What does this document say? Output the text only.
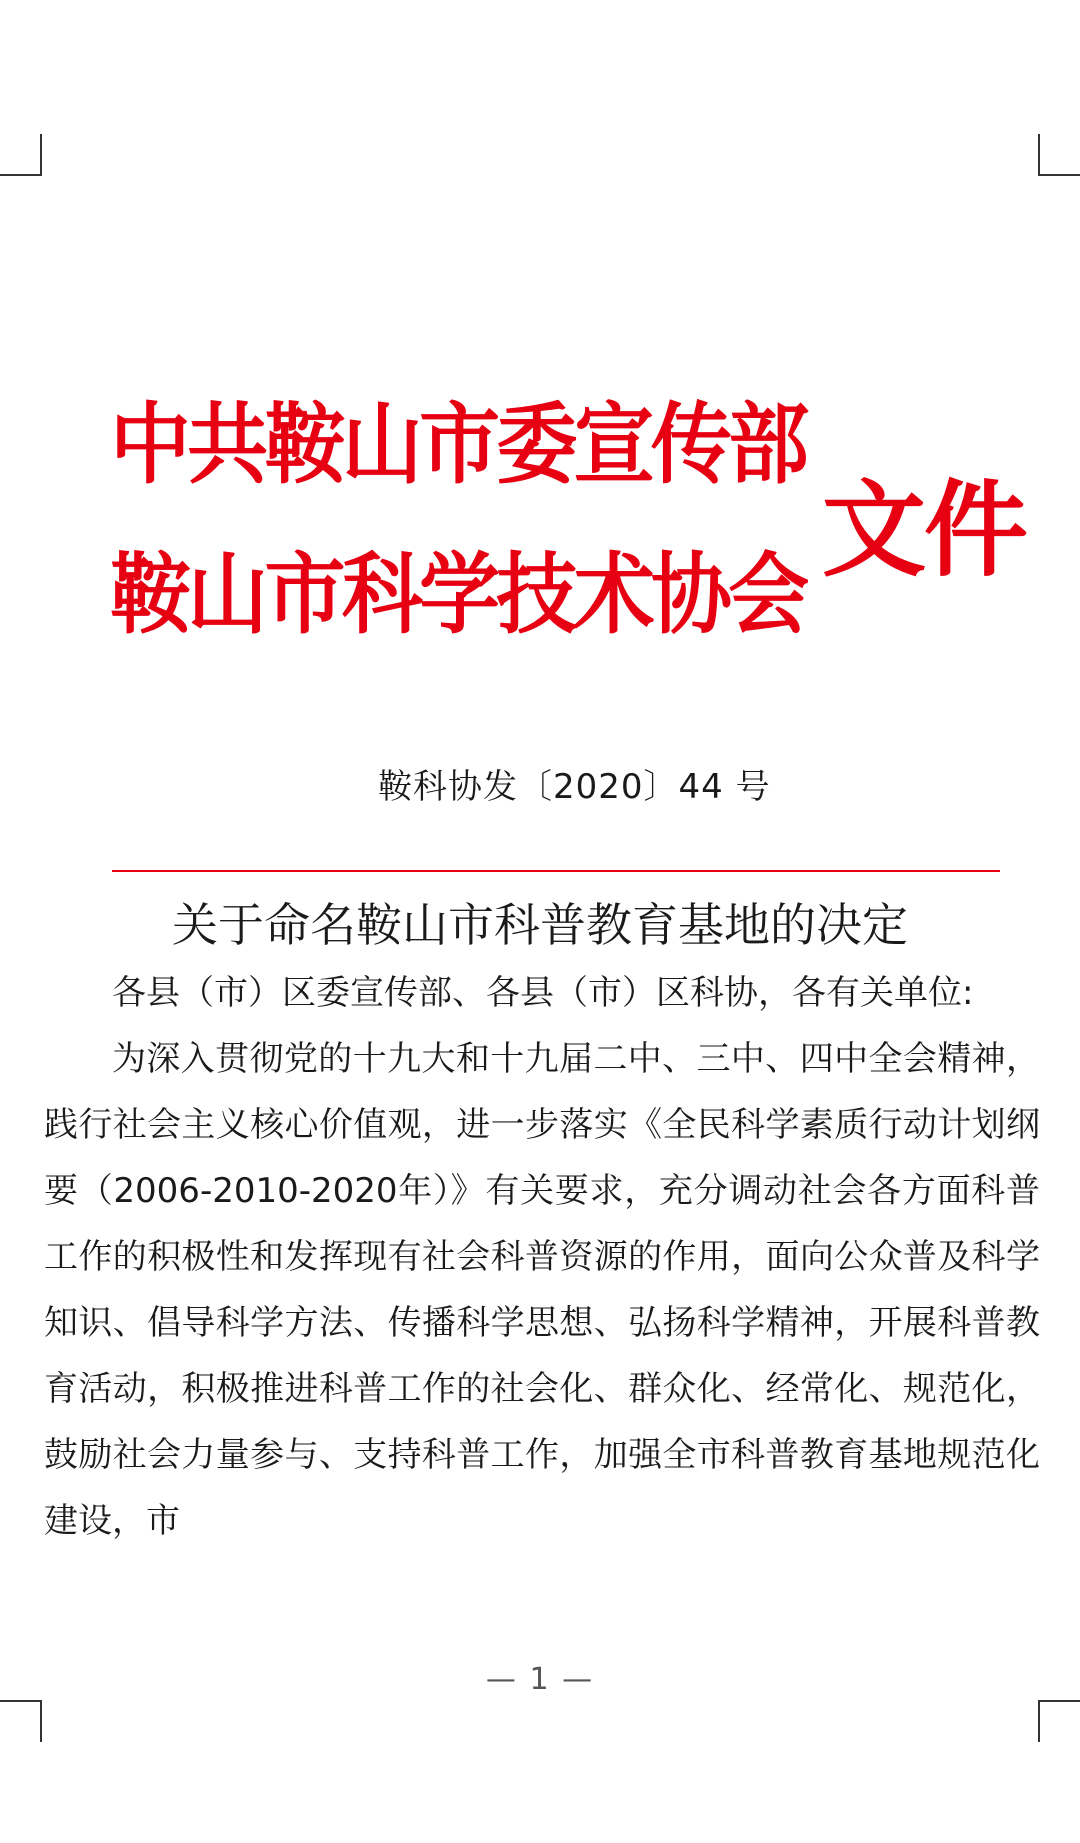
中共鞍山市委宣传部
鞍山市科学技术协会
文件
鞍科协发〔2020〕44 号
关于命名鞍山市科普教育基地的决定

各县（市）区委宣传部、各县（市）区科协，各有关单位:

为深入贯彻党的十九大和十九届二中、三中、四中全会精神，践行社会主义核心价值观，进一步落实《全民科学素质行动计划纲要（2006-2010-2020年）》有关要求，充分调动社会各方面科普工作的积极性和发挥现有社会科普资源的作用，面向公众普及科学知识、倡导科学方法、传播科学思想、弘扬科学精神，开展科普教育活动，积极推进科普工作的社会化、群众化、经常化、规范化，鼓励社会力量参与、支持科普工作，加强全市科普教育基地规范化建设，市

— 1 —
